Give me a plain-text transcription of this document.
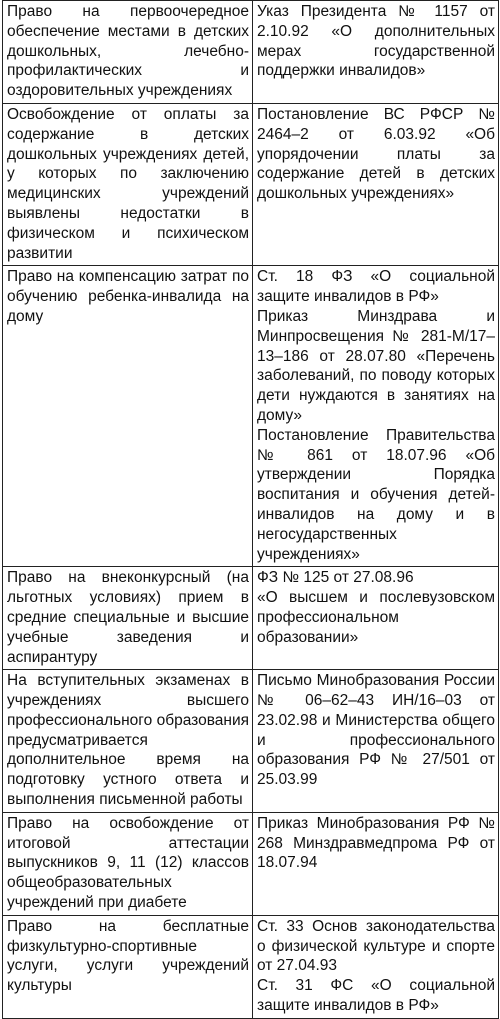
Право на первоочередное обеспечение местами в детских дошкольных, лечебно-профилактических и оздоровительных учреждениях	Указ Президента № 1157 от 2.10.92 «О дополнительных мерах государственной поддержки инвалидов»

Освобождение от оплаты за содержание в детских дошкольных учреждениях детей, у которых по заключению медицинских учреждений выявлены недостатки в физическом и психическом развитии	Постановление ВС РФСР № 2464–2 от 6.03.92 «Об упорядочении платы за содержание детей в детских дошкольных учреждениях»

Право на компенсацию затрат по обучению ребенка-инвалида на дому	Ст. 18 ФЗ «О социальной защите инвалидов в РФ»
Приказ Минздрава и Минпросвещения № 281-М/17–13–186 от 28.07.80 «Перечень заболеваний, по поводу которых дети нуждаются в занятиях на дому»
Постановление Правительства № 861 от 18.07.96 «Об утверждении Порядка воспитания и обучения детей-инвалидов на дому и в негосударственных учреждениях»

Право на внеконкурсный (на льготных условиях) прием в средние специальные и высшие учебные заведения и аспирантуру	ФЗ № 125 от 27.08.96
«О высшем и послевузовском профессиональном образовании»

На вступительных экзаменах в учреждениях высшего профессионального образования предусматривается дополнительное время на подготовку устного ответа и выполнения письменной работы	Письмо Минобразования России № 06–62–43 ИН/16–03 от 23.02.98 и Министерства общего и профессионального образования РФ № 27/501 от 25.03.99

Право на освобождение от итоговой аттестации выпускников 9, 11 (12) классов общеобразовательных учреждений при диабете	Приказ Минобразования РФ № 268 Минздравмедпрома РФ от 18.07.94

Право на бесплатные физкультурно-спортивные услуги, услуги учреждений культуры	Ст. 33 Основ законодательства о физической культуре и спорте от 27.04.93
Ст. 31 ФС «О социальной защите инвалидов в РФ»
